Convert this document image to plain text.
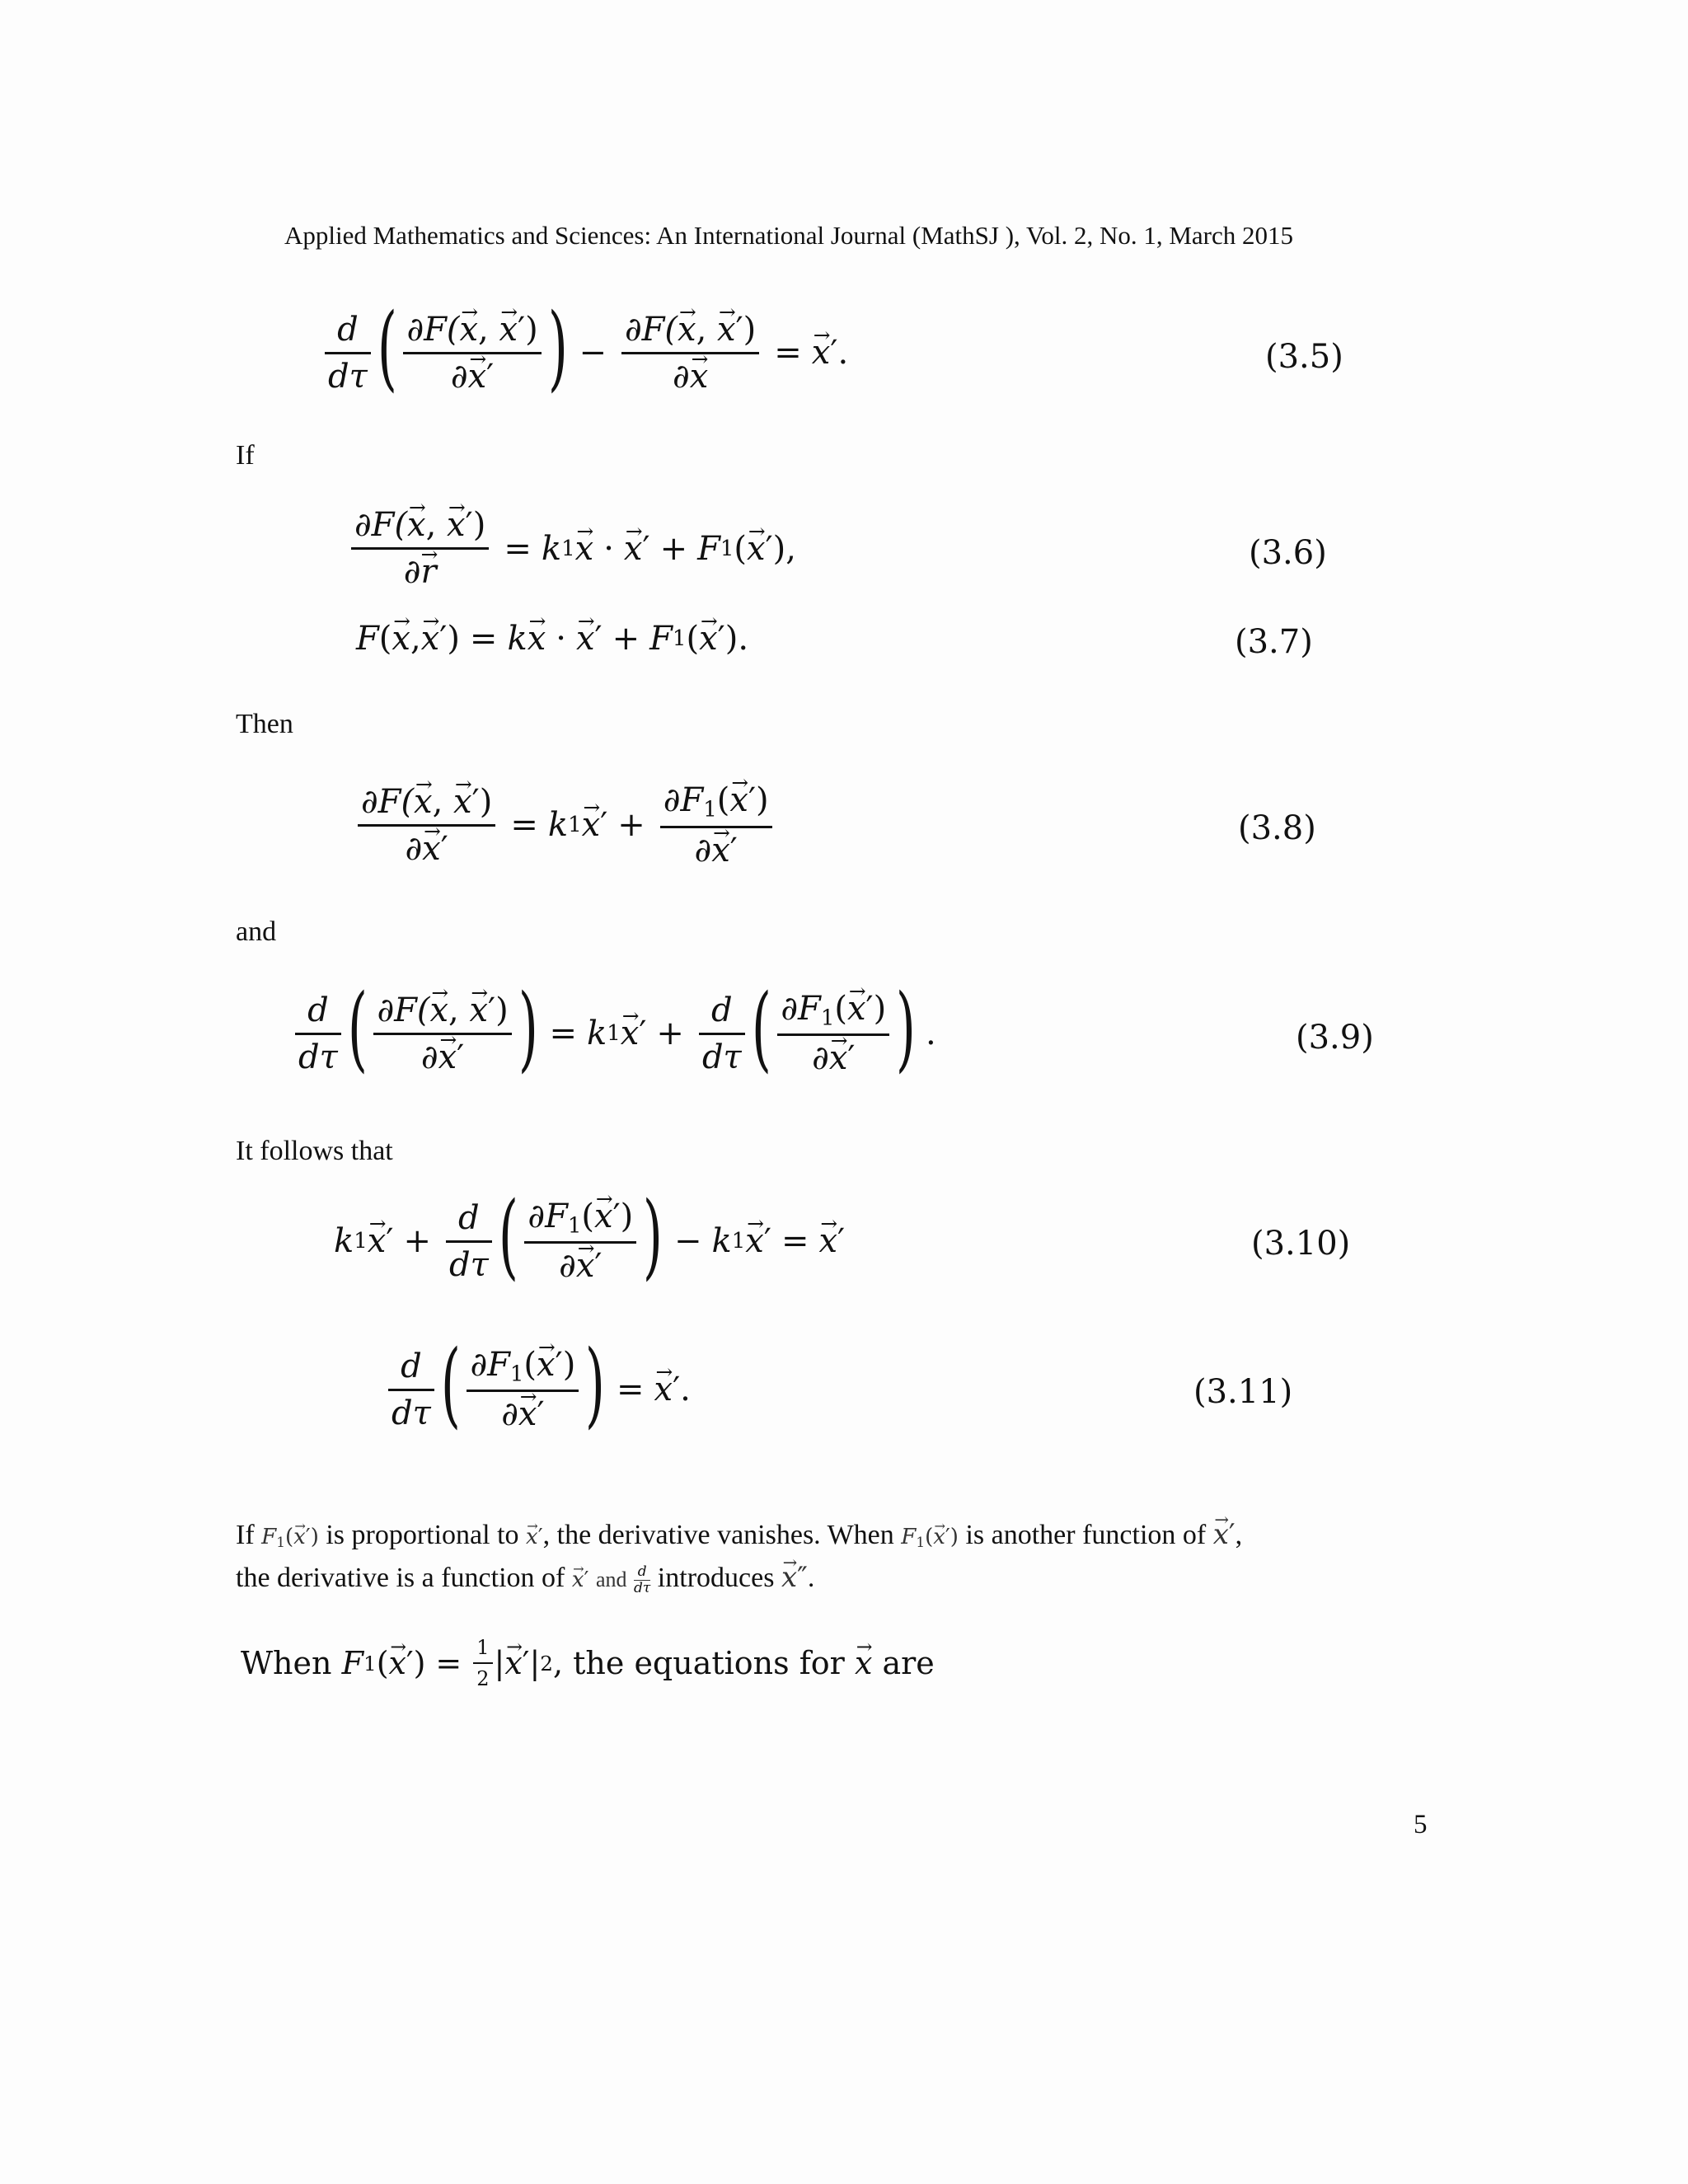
Applied Mathematics and Sciences: An International Journal (MathSJ ), Vol. 2, No. 1, March 2015
$\frac{d}{d\tau}$ ( $\frac{\partial F(\to x, \to x')}{\partial\to x'}$ ) − $\frac{\partial F(\to x, \to x')}{\partial\to x}$ = → x ′ .	(3.5)
If
$\frac{\partial F(\to x, \to x')}{\partial\to r} = k$ 1 → x · → x ′ + F 1 ( → x ′ ) ,	(3.6)
F ( → x , → x ′ ) = k → x · → x ′ + F 1 ( → x ′ ) .	(3.7)
Then
$\frac{\partial F(\to x, \to x')}{\partial\to x'} = k$ 1 → x ′ + $\frac{\partial F_1(\to x')}{\partial\to x'}$	(3.8)
and
$\frac{d}{d\tau}$ ( $\frac{\partial F(\to x, \to x')}{\partial\to x'}$ ) = k 1 → x ′ + $\frac{d}{d\tau}$ ( $\frac{\partial F_1(\to x')}{\partial\to x'}$ ) .	(3.9)
It follows that
k 1 → x ′ + $\frac{d}{d\tau}$ ( $\frac{\partial F_1(\to x')}{\partial\to x'}$ ) − k 1 → x ′ = → x ′	(3.10)
$\frac{d}{d\tau}$ ( $\frac{\partial F_1(\to x')}{\partial\to x'}$ ) = → x ′ .	(3.11)
If $F_1(\to x')$ is proportional to → x′, the derivative vanishes. When $F_1(\to x')$ is another function of → x′,
the derivative is a function of → x′ and $\frac{d}{d\tau}$ introduces → x″.
When
F 1 ( → x ′ ) = $\frac{1}{2}$ | → x ′ | 2 , the equations for
→ x
are
5
